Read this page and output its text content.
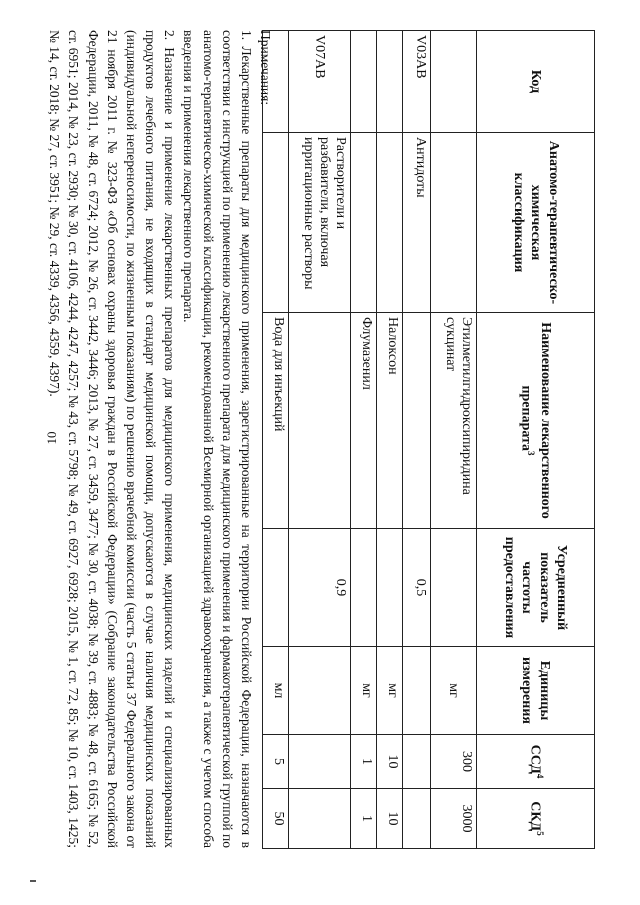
10
Код	Анатомо-терапевтическо-химическая классификация	Наименование лекарственного препарата$^3$	Усредненный показатель частоты предоставления	Единицы измерения	ССД$^4$	СКД$^5$
		Этилметилгидроксипиридина сукцинат		мг	300	3000
V03AB	Антидоты		0,5			
		Налоксон		мг	10	10
		Флумазенил		мг	1	1
V07AB	Растворители и разбавители, включая ирригационные растворы		0,9			
		Вода для инъекций		мл	5	50

Примечания:

1. Лекарственные препараты для медицинского применения, зарегистрированные на территории Российской Федерации, назначаются в соответствии с инструкцией по применению лекарственного препарата для медицинского применения и фармакотерапевтической группой по анатомо-терапевтическо-химической классификации, рекомендованной Всемирной организацией здравоохранения, а также с учетом способа введения и применения лекарственного препарата.

2. Назначение и применение лекарственных препаратов для медицинского применения, медицинских изделий и специализированных продуктов лечебного питания, не входящих в стандарт медицинской помощи, допускаются в случае наличия медицинских показаний (индивидуальной непереносимости, по жизненным показаниям) по решению врачебной комиссии (часть 5 статьи 37 Федерального закона от 21 ноября 2011 г. № 323-ФЗ «Об основах охраны здоровья граждан в Российской Федерации» (Собрание законодательства Российской Федерации, 2011, № 48, ст. 6724; 2012, № 26, ст. 3442, 3446; 2013, № 27, ст. 3459, 3477; № 30, ст. 4038; № 39, ст. 4883; № 48, ст. 6165; № 52, ст. 6951; 2014, № 23, ст. 2930; № 30, ст. 4106, 4244, 4247, 4257; № 43, ст. 5798; № 49, ст. 6927, 6928; 2015, № 1, ст. 72, 85; № 10, ст. 1403, 1425; № 14, ст. 2018; № 27, ст. 3951; № 29, ст. 4339, 4356, 4359, 4397).
